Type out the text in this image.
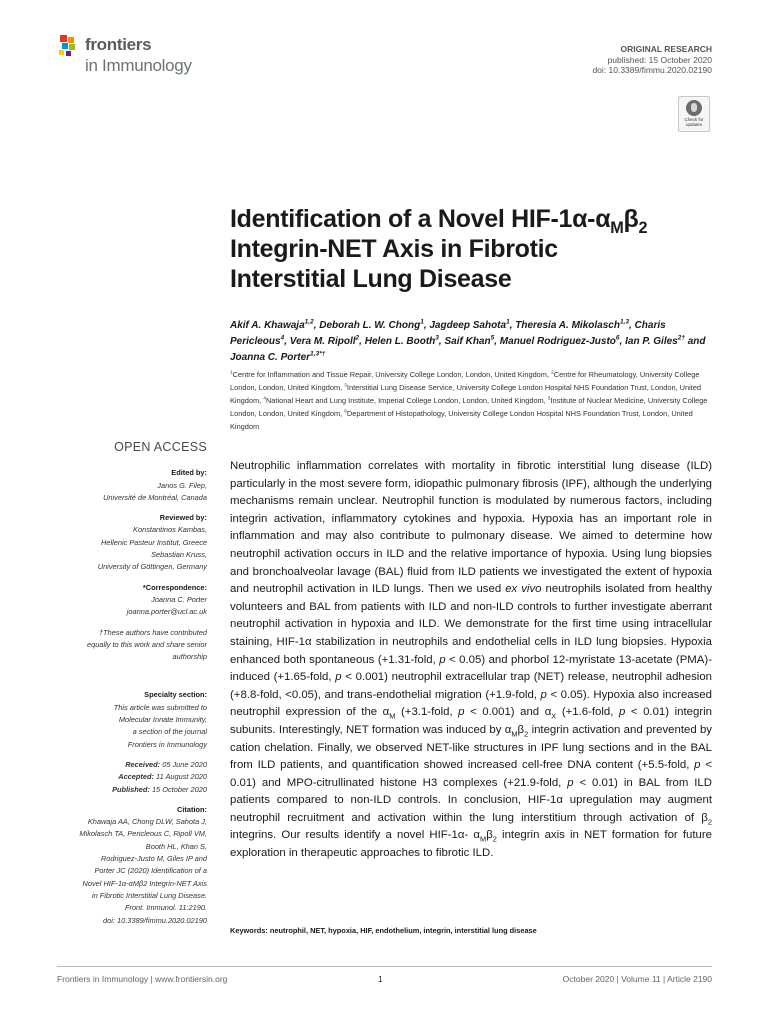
frontiers
in Immunology
ORIGINAL RESEARCH
published: 15 October 2020
doi: 10.3389/fimmu.2020.02190
Check for
updates
Identification of a Novel HIF-$1\alpha-\alpha_M\beta_2$
Integrin-NET Axis in Fibrotic
Interstitial Lung Disease
Akif A. Khawaja$^{1,2}$, Deborah L. W. Chong$^1$, Jagdeep Sahota$^1$, Theresia A. Mikolasch$^{1,3}$, Charis Pericleous$^4$, Vera M. Ripoll$^2$, Helen L. Booth$^3$, Saif Khan$^5$, Manuel Rodriguez-Justo$^6$, Ian P. Giles$^{2\dagger}$ and Joanna C. Porter$^{1,3*\dagger}$
$^1$Centre for Inflammation and Tissue Repair, University College London, London, United Kingdom, $^2$Centre for Rheumatology, University College London, London, United Kingdom, $^3$Interstitial Lung Disease Service, University College London Hospital NHS Foundation Trust, London, United Kingdom, $^4$National Heart and Lung Institute, Imperial College London, London, United Kingdom, $^5$Institute of Nuclear Medicine, University College London, London, United Kingdom, $^6$Department of Histopathology, University College London Hospital NHS Foundation Trust, London, United Kingdom
OPEN ACCESS
Edited by:
Janos G. Filep,
Université de Montréal, Canada
Reviewed by:
Konstantinos Kambas,
Hellenic Pasteur Institut, Greece
Sebastian Kruss,
University of Göttingen, Germany
*Correspondence:
Joanna C. Porter
joanna.porter@ucl.ac.uk
†These authors have contributed
equally to this work and share senior
authorship
Specialty section:
This article was submitted to
Molecular Innate Immunity,
a section of the journal
Frontiers in Immunology
Received: 05 June 2020
Accepted: 11 August 2020
Published: 15 October 2020
Citation:
Khawaja AA, Chong DLW, Sahota J,
Mikolasch TA, Pericleous C, Ripoll VM,
Booth HL, Khan S,
Rodriguez-Justo M, Giles IP and
Porter JC (2020) Identification of a
Novel HIF-1α-αMβ2 Integrin-NET Axis
in Fibrotic Interstitial Lung Disease.
Front. Immunol. 11:2190.
doi: 10.3389/fimmu.2020.02190
Neutrophilic inflammation correlates with mortality in fibrotic interstitial lung disease (ILD) particularly in the most severe form, idiopathic pulmonary fibrosis (IPF), although the underlying mechanisms remain unclear. Neutrophil function is modulated by numerous factors, including integrin activation, inflammatory cytokines and hypoxia. Hypoxia has an important role in inflammation and may also contribute to pulmonary disease. We aimed to determine how neutrophil activation occurs in ILD and the relative importance of hypoxia. Using lung biopsies and bronchoalveolar lavage (BAL) fluid from ILD patients we investigated the extent of hypoxia and neutrophil activation in ILD lungs. Then we used ex vivo neutrophils isolated from healthy volunteers and BAL from patients with ILD and non-ILD controls to further investigate aberrant neutrophil activation in hypoxia and ILD. We demonstrate for the first time using intracellular staining, HIF-1α stabilization in neutrophils and endothelial cells in ILD lung biopsies. Hypoxia enhanced both spontaneous (+1.31-fold, p < 0.05) and phorbol 12-myristate 13-acetate (PMA)-induced (+1.65-fold, p < 0.001) neutrophil extracellular trap (NET) release, neutrophil adhesion (+8.8-fold, <0.05), and trans-endothelial migration (+1.9-fold, p < 0.05). Hypoxia also increased neutrophil expression of the $\alpha_M$ (+3.1-fold, p < 0.001) and $\alpha_X$ (+1.6-fold, p < 0.01) integrin subunits. Interestingly, NET formation was induced by $\alpha_M\beta_2$ integrin activation and prevented by cation chelation. Finally, we observed NET-like structures in IPF lung sections and in the BAL from ILD patients, and quantification showed increased cell-free DNA content (+5.5-fold, p < 0.01) and MPO-citrullinated histone H3 complexes (+21.9-fold, p < 0.01) in BAL from ILD patients compared to non-ILD controls. In conclusion, HIF-1α upregulation may augment neutrophil recruitment and activation within the lung interstitium through activation of $\beta_2$ integrins. Our results identify a novel HIF-1α- $\alpha_M\beta_2$ integrin axis in NET formation for future exploration in therapeutic approaches to fibrotic ILD.
Keywords: neutrophil, NET, hypoxia, HIF, endothelium, integrin, interstitial lung disease
Frontiers in Immunology | www.frontiersin.org	1	October 2020 | Volume 11 | Article 2190
